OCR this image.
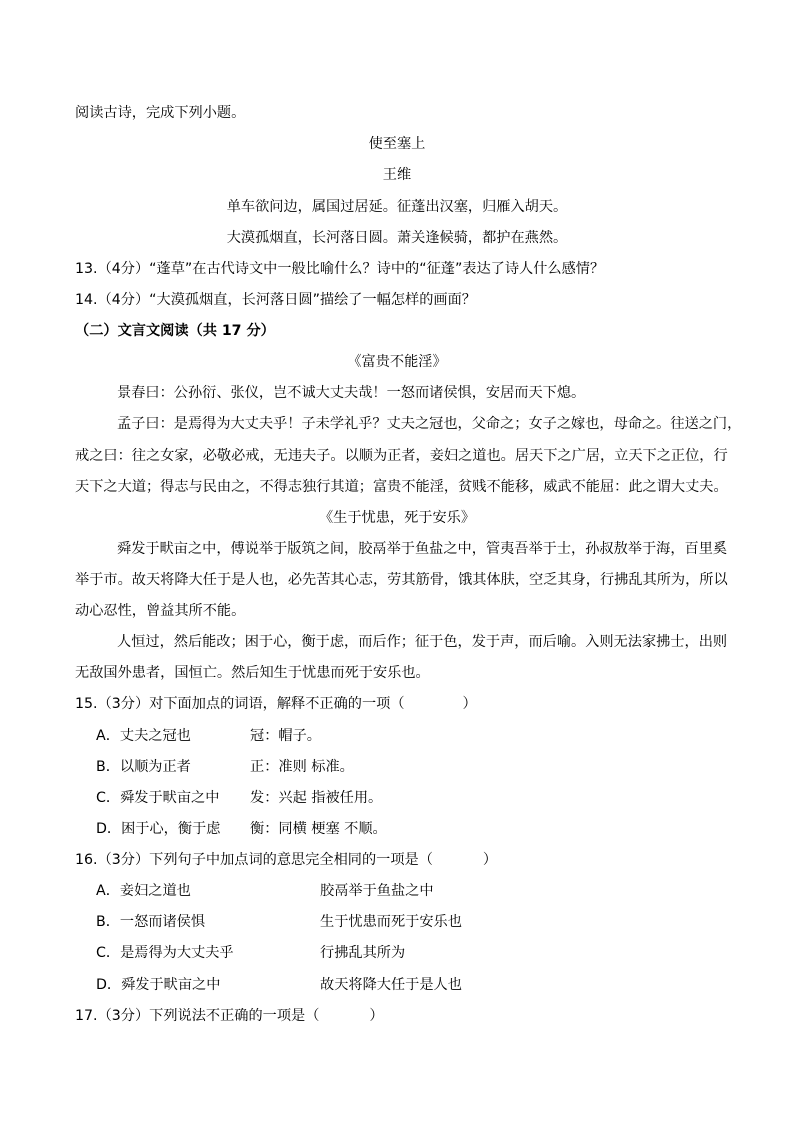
阅读古诗，完成下列小题。

使至塞上

王维

单车欲问边，属国过居延。征蓬出汉塞，归雁入胡天。

大漠孤烟直，长河落日圆。萧关逢候骑，都护在燕然。

13.（4分）“蓬草”在古代诗文中一般比喻什么？诗中的“征蓬”表达了诗人什么感情？

14.（4分）“大漠孤烟直，长河落日圆”描绘了一幅怎样的画面？

（二）文言文阅读（共 17 分）

《富贵不能淫》

景春曰：公孙衍、张仪，岂不诚大丈夫哉！一怒而诸侯惧，安居而天下熄。

孟子曰：是焉得为大丈夫乎！子未学礼乎？丈夫之冠也，父命之；女子之嫁也，母命之。往送之门，

戒之曰：往之女家，必敬必戒，无违夫子。以顺为正者，妾妇之道也。居天下之广居，立天下之正位，行

天下之大道；得志与民由之，不得志独行其道；富贵不能淫，贫贱不能移，威武不能屈：此之谓大丈夫。

《生于忧患，死于安乐》

舜发于畎亩之中，傅说举于版筑之间，胶鬲举于鱼盐之中，管夷吾举于士，孙叔敖举于海，百里奚

举于市。故天将降大任于是人也，必先苦其心志，劳其筋骨，饿其体肤，空乏其身，行拂乱其所为，所以

动心忍性，曾益其所不能。

人恒过，然后能改；困于心，衡于虑，而后作；征于色，发于声，而后喻。入则无法家拂士，出则

无敌国外患者，国恒亡。然后知生于忧患而死于安乐也。

15.（3分）对下面加点的词语，解释不正确的一项（	）

A．丈夫之冠也	冠：帽子。

B．以顺为正者	正：准则 标准。

C．舜发于畎亩之中 发：兴起 指被任用。

D．困于心，衡于虑 衡：同横 梗塞 不顺。

16.（3分）下列句子中加点词的意思完全相同的一项是（	）

A．妾妇之道也	胶鬲举于鱼盐之中

B．一怒而诸侯惧	生于忧患而死于安乐也

C．是焉得为大丈夫乎	行拂乱其所为

D．舜发于畎亩之中	故天将降大任于是人也

17.（3分）下列说法不正确的一项是（	）
